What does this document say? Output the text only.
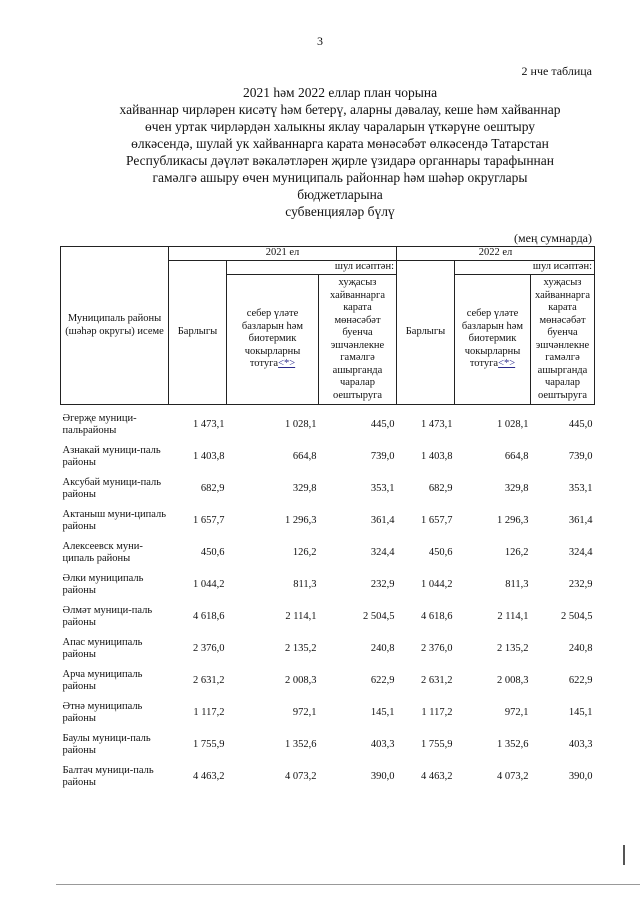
3
2 нче таблица
2021 һәм 2022 еллар план чорына
хайваннар чирләрен кисәтү һәм бетерү, аларны дәвалау, кеше һәм хайваннар
өчен уртак чирләрдән халыкны яклау чараларын үткәрүне оештыру
өлкәсендә, шулай ук хайваннарга карата мөнәсәбәт өлкәсендә Татарстан
Республикасы дәүләт вәкаләтләрен җирле үзидарә органнары тарафыннан
гамәлгә ашыру өчен муниципаль районнар һәм шәһәр округлары
бюджетларына
субвенцияләр бүлү
(мең сумнарда)
Муниципаль районы (шәһәр округы) исеме	2021 ел			2022 ел		
	Барлыгы	шул исәптән:		Барлыгы	шул исәптән:	
		себер үләте базларын һәм биотермик чокырларны тотуга<*>	хуҗасыз хайваннарга карата мөнәсәбәт буенча эшчәнлекне гамәлгә ашырганда чаралар оештыруга		себер үләте базларын һәм биотермик чокырларны тотуга<*>	хуҗасыз хайваннарга карата мөнәсәбәт буенча эшчәнлекне гамәлгә ашырганда чаралар оештыруга
Әгерҗе муници-пальрайоны	1 473,1	1 028,1	445,0	1 473,1	1 028,1	445,0
Азнакай муници-паль районы	1 403,8	664,8	739,0	1 403,8	664,8	739,0
Аксубай муници-паль районы	682,9	329,8	353,1	682,9	329,8	353,1
Актаныш муни-ципаль районы	1 657,7	1 296,3	361,4	1 657,7	1 296,3	361,4
Алексеевск муни-ципаль районы	450,6	126,2	324,4	450,6	126,2	324,4
Әлки муниципаль районы	1 044,2	811,3	232,9	1 044,2	811,3	232,9
Әлмәт муници-паль районы	4 618,6	2 114,1	2 504,5	4 618,6	2 114,1	2 504,5
Апас муниципаль районы	2 376,0	2 135,2	240,8	2 376,0	2 135,2	240,8
Арча муниципаль районы	2 631,2	2 008,3	622,9	2 631,2	2 008,3	622,9
Әтнә муниципаль районы	1 117,2	972,1	145,1	1 117,2	972,1	145,1
Баулы муници-паль районы	1 755,9	1 352,6	403,3	1 755,9	1 352,6	403,3
Балтач муници-паль районы	4 463,2	4 073,2	390,0	4 463,2	4 073,2	390,0
